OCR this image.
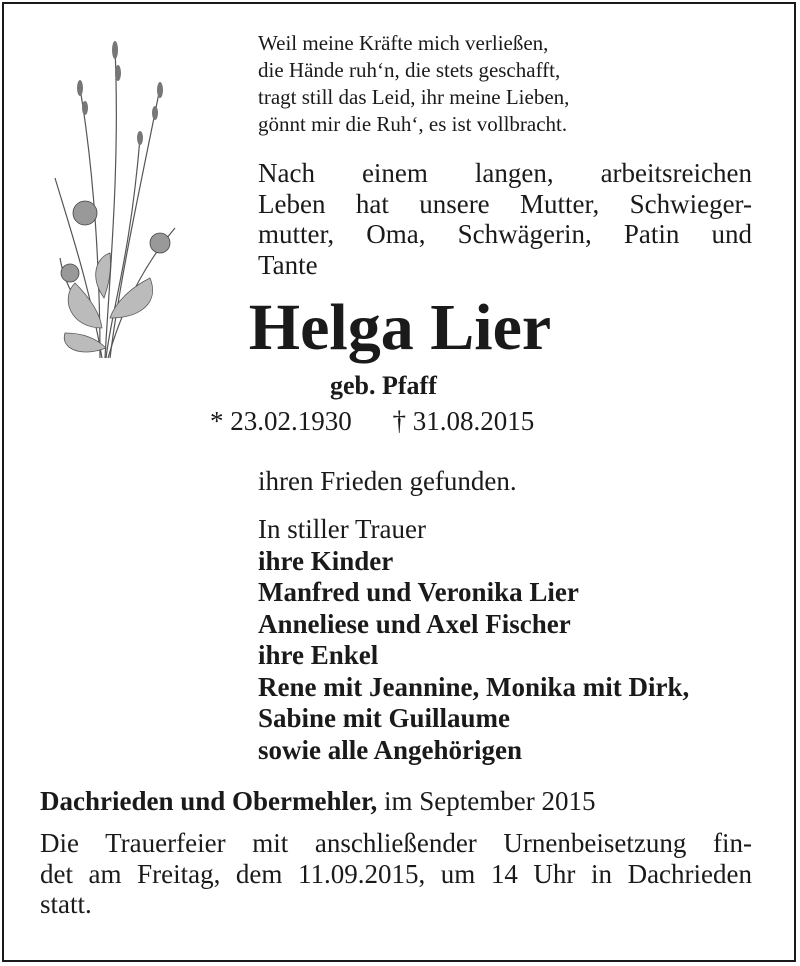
Weil meine Kräfte mich verließen,
die Hände ruh‘n, die stets geschafft,
tragt still das Leid, ihr meine Lieben,
gönnt mir die Ruh‘, es ist vollbracht.
Nach einem langen, arbeitsreichen
Leben hat unsere Mutter, Schwieger-
mutter, Oma, Schwägerin, Patin und
Tante
Helga Lier
geb. Pfaff
* 23.02.1930 † 31.08.2015
ihren Frieden gefunden.
In stiller Trauer
ihre Kinder
Manfred und Veronika Lier
Anneliese und Axel Fischer
ihre Enkel
Rene mit Jeannine, Monika mit Dirk,
Sabine mit Guillaume
sowie alle Angehörigen
Dachrieden und Obermehler, im September 2015
Die Trauerfeier mit anschließender Urnenbeisetzung fin-
det am Freitag, dem 11.09.2015, um 14 Uhr in Dachrieden
statt.
